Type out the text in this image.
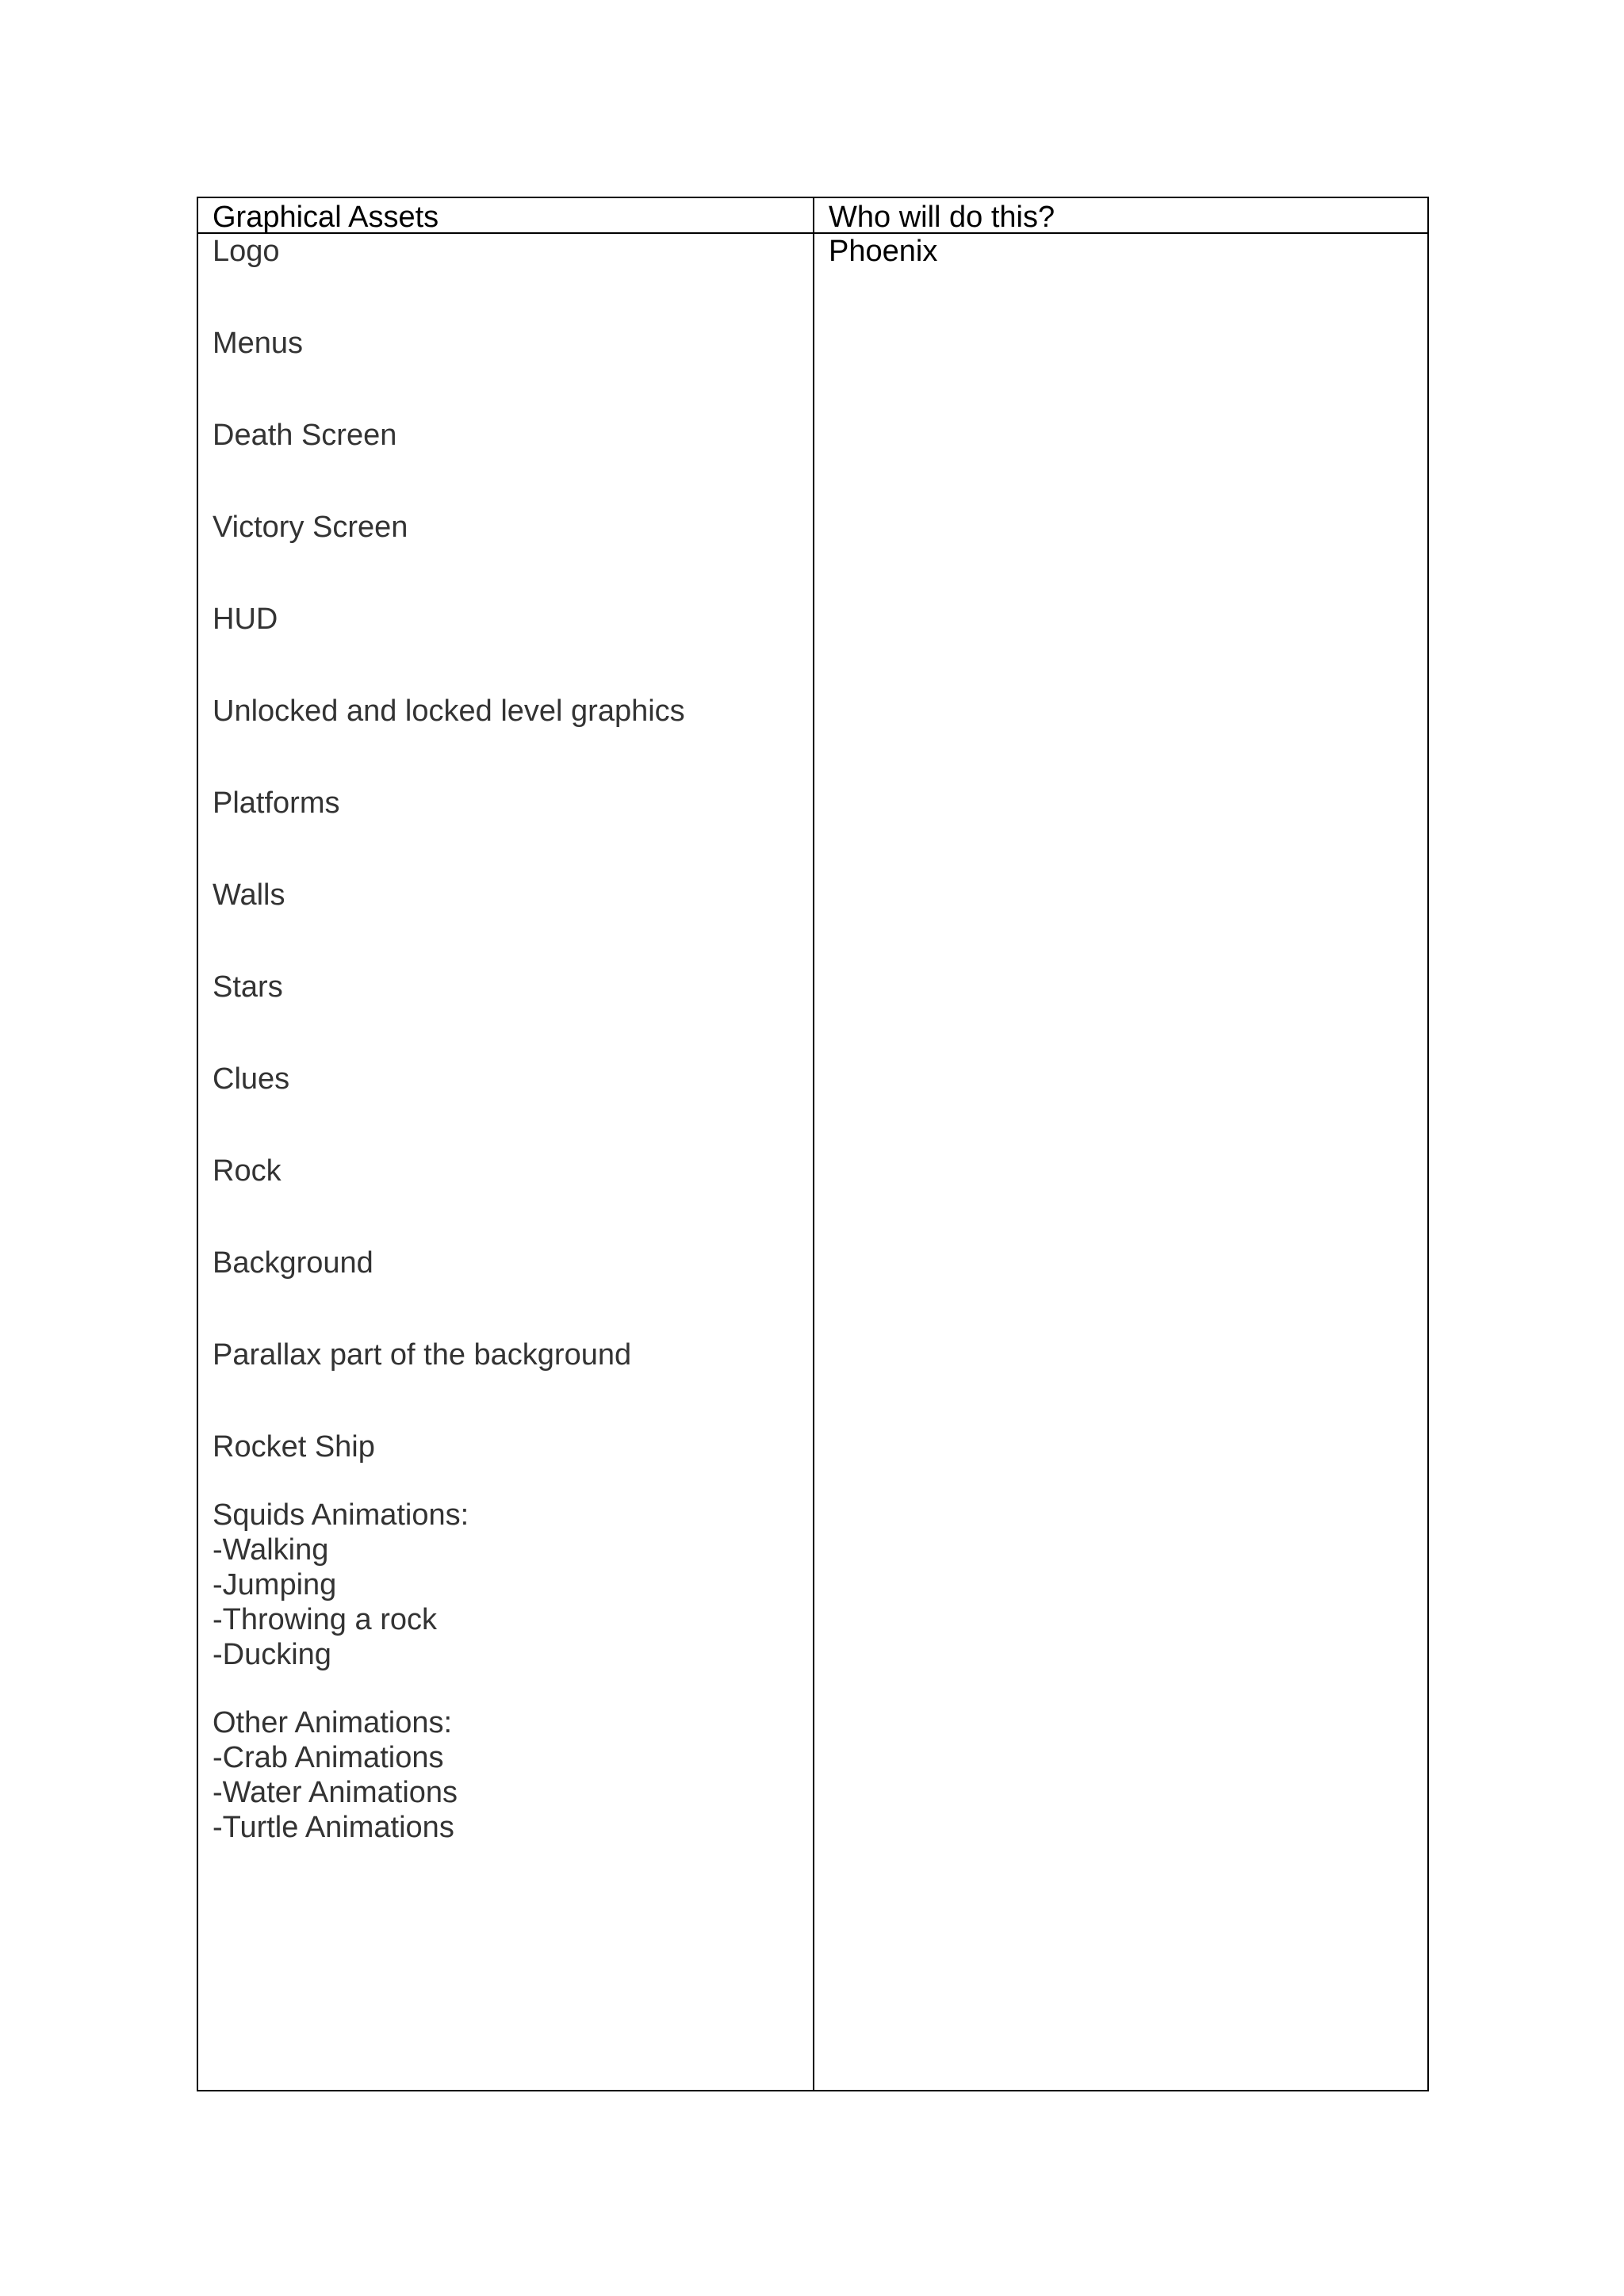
Graphical Assets	Who will do this?
Logo
Menus
Death Screen
Victory Screen
HUD
Unlocked and locked level graphics
Platforms
Walls
Stars
Clues
Rock
Background
Parallax part of the background
Rocket Ship
Squids Animations:
-Walking
-Jumping
-Throwing a rock
-Ducking
Other Animations:
-Crab Animations
-Water Animations
-Turtle Animations
Phoenix
